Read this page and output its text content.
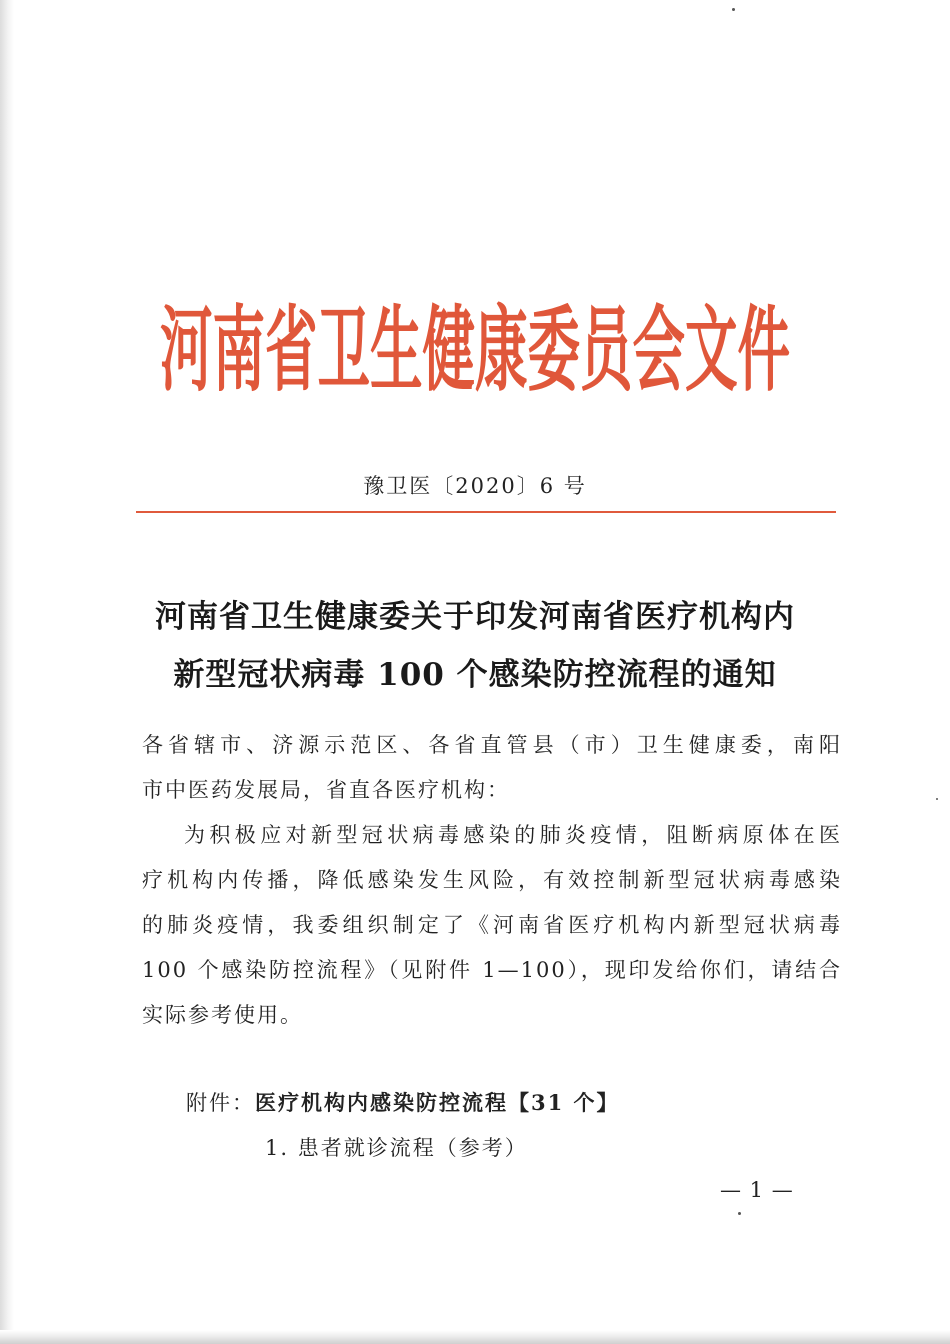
河南省卫生健康委员会文件
豫卫医〔2020〕6 号
河南省卫生健康委关于印发河南省医疗机构内
新型冠状病毒 100 个感染防控流程的通知

各省辖市、济源示范区、各省直管县（市）卫生健康委，南阳

市中医药发展局，省直各医疗机构：

为积极应对新型冠状病毒感染的肺炎疫情，阻断病原体在医

疗机构内传播，降低感染发生风险，有效控制新型冠状病毒感染

的肺炎疫情，我委组织制定了《河南省医疗机构内新型冠状病毒

100 个感染防控流程》（见附件 1—100），现印发给你们，请结合

实际参考使用。

附件：医疗机构内感染防控流程【31 个】
1. 患者就诊流程（参考）
— 1 —
